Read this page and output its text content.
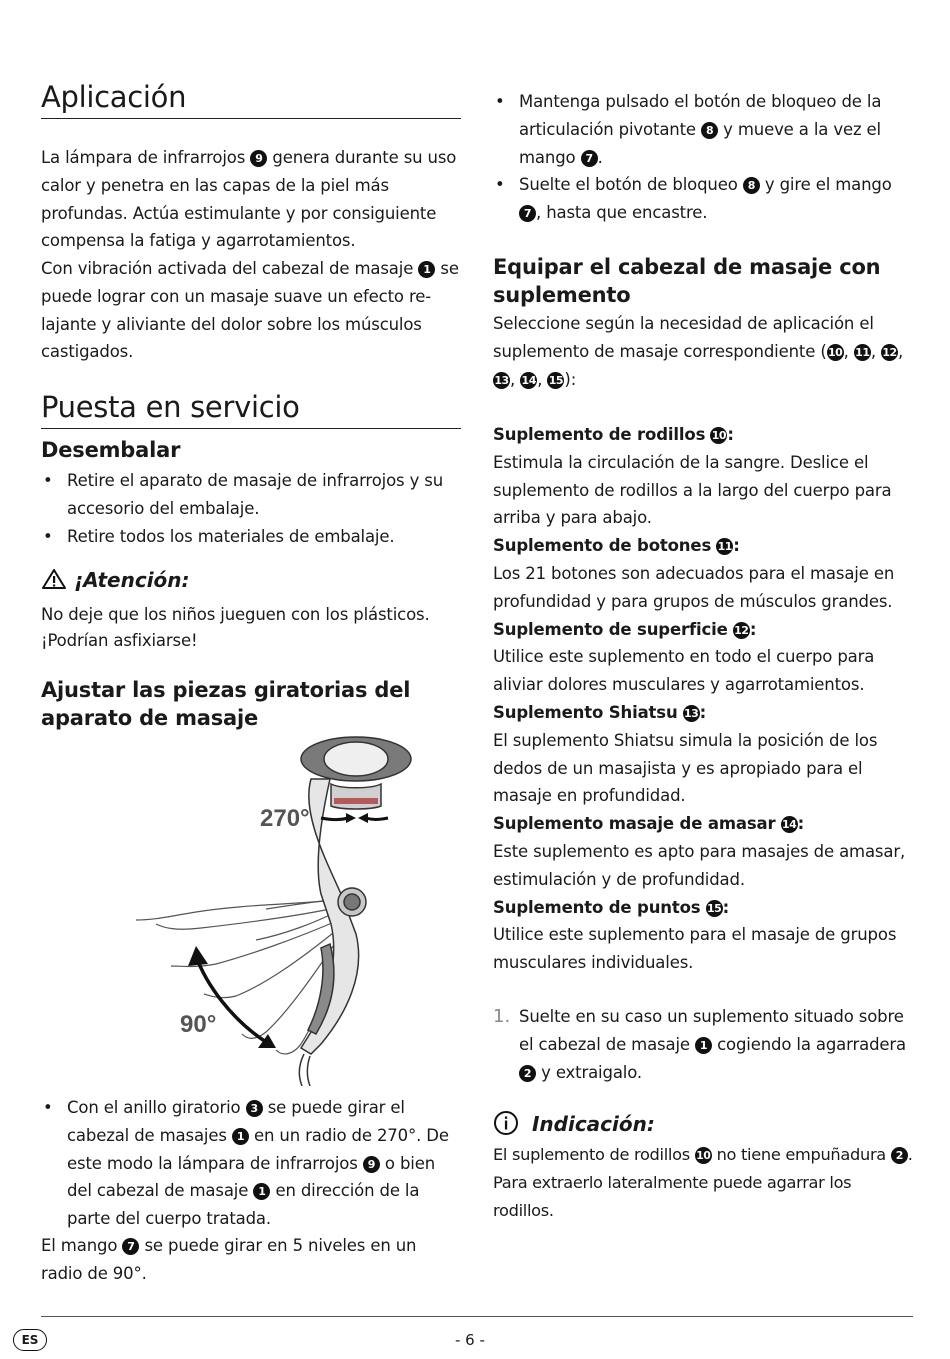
Aplicación
La lámpara de infrarrojos 9 genera durante su uso calor y penetra en las capas de la piel más profundas. Actúa estimulante y por consiguiente compensa la fatiga y agarrotamientos.
Con vibración activada del cabezal de masaje 1 se puede lograr con un masaje suave un efecto re-lajante y aliviante del dolor sobre los músculos castigados.
Puesta en servicio
Desembalar
• Retire el aparato de masaje de infrarrojos y su accesorio del embalaje.
• Retire todos los materiales de embalaje.
¡Atención:
No deje que los niños jueguen con los plásticos. ¡Podrían asfixiarse!
Ajustar las piezas giratorias del aparato de masaje
270°
90°
• Con el anillo giratorio 3 se puede girar el cabezal de masajes 1 en un radio de 270°. De este modo la lámpara de infrarrojos 9 o bien del cabezal de masaje 1 en dirección de la parte del cuerpo tratada.
El mango 7 se puede girar en 5 niveles en un radio de 90°.
• Mantenga pulsado el botón de bloqueo de la articulación pivotante 8 y mueve a la vez el mango 7 .
• Suelte el botón de bloqueo 8 y gire el mango 7 , hasta que encastre.
Equipar el cabezal de masaje con suplemento
Seleccione según la necesidad de aplicación el suplemento de masaje correspondiente (10, 11, 12, 13, 14, 15):
Suplemento de rodillos 10:
Estimula la circulación de la sangre. Deslice el suplemento de rodillos a la largo del cuerpo para arriba y para abajo.
Suplemento de botones 11:
Los 21 botones son adecuados para el masaje en profundidad y para grupos de músculos grandes.
Suplemento de superficie 12:
Utilice este suplemento en todo el cuerpo para aliviar dolores musculares y agarrotamientos.
Suplemento Shiatsu 13:
El suplemento Shiatsu simula la posición de los dedos de un masajista y es apropiado para el masaje en profundidad.
Suplemento masaje de amasar 14:
Este suplemento es apto para masajes de amasar, estimulación y de profundidad.
Suplemento de puntos 15:
Utilice este suplemento para el masaje de grupos musculares individuales.
1. Suelte en su caso un suplemento situado sobre el cabezal de masaje 1 cogiendo la agarradera 2 y extraigalo.
Indicación:
El suplemento de rodillos 10 no tiene empuñadura 2 . Para extraerlo lateralmente puede agarrar los rodillos.
ES	- 6 -
